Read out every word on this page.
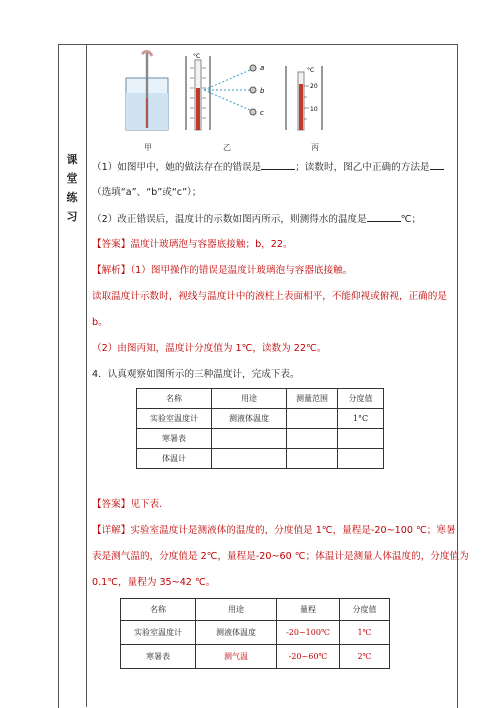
课
堂
练
习
°C
a
b
c
°C
20
10
甲	乙	丙
（1）如图甲中，她的做法存在的错误是	；读数时，图乙中正确的方法是
（选填“a”、“b”或“c”）；
（2）改正错误后，温度计的示数如图丙所示，则测得水的温度是	℃；
【答案】温度计玻璃泡与容器底接触；b，22。
【解析】（1）图甲操作的错误是温度计玻璃泡与容器底接触。
读取温度计示数时，视线与温度计中的液柱上表面相平，不能仰视或俯视，正确的是
b。
（2）由图丙知，温度计分度值为 1℃，读数为 22℃。
4．认真观察如图所示的三种温度计，完成下表。
名称	用途	测量范围	分度值
实验室温度计	测液体温度		1°C
寒暑表			
体温计			
【答案】见下表.
【详解】实验室温度计是测液体的温度的，分度值是 1℃，量程是-20~100 ℃；寒暑
表是测气温的，分度值是 2℃，量程是-20~60 ℃；体温计是测量人体温度的，分度值为
0.1℃，量程为 35~42 ℃。
名称	用途	量程	分度值
实验室温度计	测液体温度	-20~100℃	1℃
寒暑表	测气温	-20~60℃	2℃
